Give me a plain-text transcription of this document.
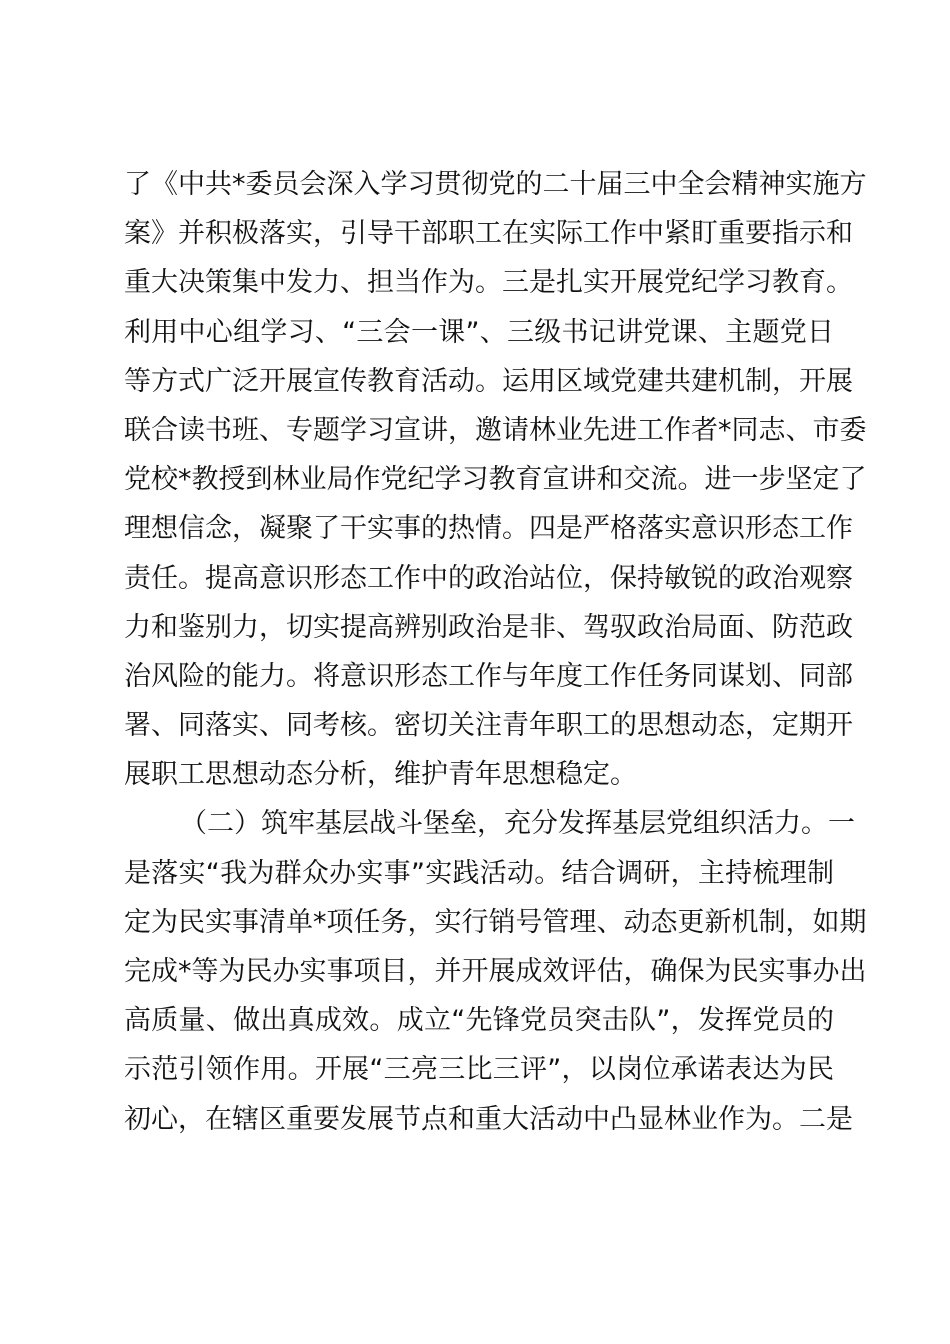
了《中共*委员会深入学习贯彻党的二十届三中全会精神实施方
案》并积极落实，引导干部职工在实际工作中紧盯重要指示和
重大决策集中发力、担当作为。三是扎实开展党纪学习教育。
利用中心组学习、“三会一课”、三级书记讲党课、主题党日
等方式广泛开展宣传教育活动。运用区域党建共建机制，开展
联合读书班、专题学习宣讲，邀请林业先进工作者*同志、市委
党校*教授到林业局作党纪学习教育宣讲和交流。进一步坚定了
理想信念，凝聚了干实事的热情。四是严格落实意识形态工作
责任。提高意识形态工作中的政治站位，保持敏锐的政治观察
力和鉴别力，切实提高辨别政治是非、驾驭政治局面、防范政
治风险的能力。将意识形态工作与年度工作任务同谋划、同部
署、同落实、同考核。密切关注青年职工的思想动态，定期开
展职工思想动态分析，维护青年思想稳定。
（二）筑牢基层战斗堡垒，充分发挥基层党组织活力。一
是落实“我为群众办实事”实践活动。结合调研，主持梳理制
定为民实事清单*项任务，实行销号管理、动态更新机制，如期
完成*等为民办实事项目，并开展成效评估，确保为民实事办出
高质量、做出真成效。成立“先锋党员突击队”，发挥党员的
示范引领作用。开展“三亮三比三评”，以岗位承诺表达为民
初心，在辖区重要发展节点和重大活动中凸显林业作为。二是
